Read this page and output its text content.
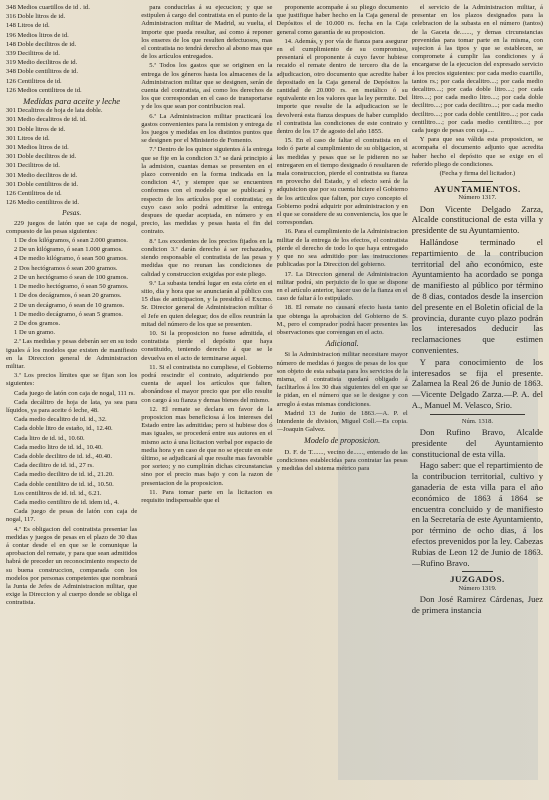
348 Medios cuartillos de id . id.

316 Doble litros de id.

148 Litros de id.

196 Medios litros de id.

148 Doble decilitros de id.

339 Decilitros de id.

319 Medio decilitros de id.

348 Doble centilitros de id.

126 Centilitros de id.

126 Medios centilitros de id.

Medidas para aceite y leche

301 Decalitros de hoja de lata doble.

301 Medio decalitros de id. id.

301 Doble litros de id.

301 Litros de id.

301 Medios litros de id.

301 Doble decilitros de id.

301 Decilitros de id.

301 Medio decilitros de id.

301 Doble centilitros de id.

126 Centilitros de id.

126 Medio centilitros de id.

Pesas.

229 juegos de latón que se caja de nogal, compuesto de las pesas siguientes:

1 De dos kilógramos, ó sean 2.000 gramos.

2 De un kilógramo, ó sean 1.000 gramos.

4 De medio kilógramo, ó sean 500 gramos.

2 Dos hectógramos ó sean 200 gramos.

2 De un hectógramo ó sean de 100 gramos.

1 De medio hectógramo, ó sean 50 gramos.

1 De dos decágramos, ó sean 20 gramos.

2 De un decágramo, ó sean de 10 gramos.

1 De medio decágramo, ó sean 5 gramos.

2 De dos gramos.

1 De un gramo.

2.ª Las medidas y pesas deberán ser en su todo iguales á los modelos que existen de manifiesto en la Direccion general de Administracion militar.

3.ª Los precios límites que se fijan son los siguientes:

Cada juego de latón con caja de nogal, 111 rs.

Cada decálitro de hoja de lata, ya sea para líquidos, ya para aceite ó leche, 48.

Cada medio decalitro de id. id., 32.

Cada doble litro de estaño, id., 12.40.

Cada litro de id. id., 10.60.

Cada medio litro de id. id., 10.40.

Cada doble decilitro de id. id., 40.40.

Cada decilitro de id. id., 27 rs.

Cada medio decilitro de id. id., 21.20.

Cada doble centilitro de id. id., 10.50.

Los centilitros de id. id. id., 6.21.

Cada medio centilitro de id. idem id., 4.

Cada juego de pesas de latón con caja de nogal, 117.

4.ª Es obligacion del contratista presentar las medidas y juegos de pesas en el plazo de 30 dias á contar desde el en que se le comunique la aprobacion del remate, y para que sean admitidos habrá de preceder un reconocimiento respecto de su buena construccion, comparada con los modelos por personas competentes que nombrará la Junta de Jefes de Administracion militar, que exige la Direccion y al cuerpo donde se obliga el contratista.

para conducirlas á su ejecucion; y que se estipulen á cargo del contratista en el punto de la Administracion militar de Madrid, su vuelta, el importe que pueda resultar, así como á reponer los enseres de los que resulten defectuosos, mas el contratista no tendrá derecho al abono mas que de los artículos entregados.

5.ª Todos los gastos que se originen en la entrega de los géneros hasta los almacenes de la Administracion militar que se designen, serán de cuenta del contratista, así como los derechos de los que correspondan en el caso de transportarse y de los que sean por contribucion real.

6.ª La Administracion militar practicará los gastos convenientes para la remision y entrega de los juegos y medidas en los distintos puntos que se designen por el Ministerio de Fomento.

7.ª Dentro de los quince siguientes á la entrega que se fije en la condicion 3.ª se dará principio á la admision, cuantas demas se presenten en el plazo convenido en la forma indicada en la condicion 4.ª, y siempre que se encuentren conformes con el modelo que se publicará y respecto de los artículos por el contratista; en cuyo caso solo podrá admitirse la entrega despues de quedar aceptada, en número y en precio, las medidas y pesas hasta el fin del contrato.

8.ª Los excedentes de los precios fijados en la condicion 3.ª darán derecho á ser rechazados, siendo responsable el contratista de las pesas y medidas que no reunan las condiciones de calidad y construccion exigidas por este pliego.

9.ª La subasta tendrá lugar en esta córte en el sitio, dia y hora que se anunciarán al público con 15 dias de anticipacion, y la presidirá el Excmo. Sr. Director general de Administracion militar ó el Jefe en quien delegue; dos de ellos reunirán la mitad del número de los que se presenten.

10. Si la proposicion no fuese admitida, el contratista pierde el depósito que haya constituido, teniendo derecho á que se le devuelva en el acto de terminarse aquel.

11. Si el contratista no cumpliese, el Gobierno podrá rescindir el contrato, adquiriendo por cuenta de aquel los artículos que falten, abonándose el mayor precio que por ello resulte con cargo á su fianza y demas bienes del mismo.

12. El remate se declara en favor de la proposicion mas beneficiosa á los intereses del Estado entre las admitidas; pero si hubiese dos ó mas iguales, se procederá entre sus autores en el mismo acto á una licitacion verbal por espacio de media hora y en caso de que no se ejecute en este último, se adjudicará al que resulte mas favorable por sorteo; y no cumplirán dichas circunstancias sino por el precio mas bajo y con la razon de presentacion de la proposicion.

11. Para tomar parte en la licitacion es requisito indispensable que el

proponente acompañe á su pliego documento que justifique haber hecho en la Caja general de Depósitos el de 10.000 rs. fecha en la Caja general como garantía de su proposicion.

14. Además, y por vía de fianza para asegurar en el cumplimiento de su compromiso, presentará el proponente á cuyo favor hubiese recaido el remate dentro de tercero dia de la adjudicacion, otro documento que acredite haber depositado en la Caja general de Depósitos la cantidad de 20.000 rs. en metálico ó su equivalente en los valores que la ley permite. Del importe que resulte de la adjudicacion se le devolverá esta fianza despues de haber cumplido el contratista las condiciones de este contrato y dentro de los 17 de agosto del año 1855.

15. En el caso de faltar el contratista en el todo ó parte al cumplimiento de su obligacion, si las medidas y pesas que se le pidieren no se entregaren en el tiempo designado ó resultaren de mala construccion, pierde el contratista su fianza en provecho del Estado, y el efecto será de la adquisicion que por su cuenta hiciere el Gobierno de los articulos que falten, por cuyo concepto el Gobierno podrá adquirir por administracion y en el que se considere de su conveniencia, los que le correspondan.

16. Para el cumplimiento de la Administracion militar de la entrega de los efectos, el contratista pierde el derecho de todo lo que haya entregado y que no sea admitido por las instrucciones publicadas por la Direccion del gobierno.

17. La Direccion general de Administracion militar podrá, sin perjuicio de lo que se dispone en el artículo anterior, hacer uso de la fianza en el caso de faltar á lo estipulado.

18. El remate no causará efecto hasta tanto que obtenga la aprobacion del Gobierno de S. M., pero el comprador podrá hacer presentes las observaciones que convengan en el acto.

Adicional.

Si la Administracion militar necesitare mayor número de medidas ó juegos de pesas de los que son objeto de esta subasta para los servicios de la misma, el contratista quedará obligado á facilitarlos á los 30 dias siguientes del en que se le pidan, en el número que se le designe y con arreglo á estas mismas condiciones.

Madrid 13 de Junio de 1863.—A. P. el Intendente de division, Miguel Coll.—Es copia.—Joaquin Galvez.

Modelo de proposicion.

D. F. de T......., vecino de......, enterado de las condiciones establecidas para contratar las pesas y medidas del sistema métrico para

el servicio de la Administracion militar, á presentar en los plazos designados para la celebracion de la subasta en el número (tantos) de la Gaceta de......., y demas circunstancias prevenidas para tomar parte en la misma, con sujecion á las tipos y que se establecen, se compromete á cumplir las condiciones y á encargarse de la ejecucion del expresado servicio á los precios siguientes: por cada medio cuartillo, tantos rs.; por cada decalitro....; por cada medio decalitro....; por cada doble litro....; por cada litro....; por cada medio litro....; por cada doble decilitro....; por cada decilitro....; por cada medio decilitro....; por cada doble centilitro....; por cada centilitro....; por cada medio centilitro....; por cada juego de pesas con caja....

Y para que sea válida esta proposicion, se acompaña el documento adjunto que acredita haber hecho el depósito que se exige en el referido pliego de condiciones.

(Fecha y firma del licitador.)

AYUNTAMIENTOS.

Número 1317.

Don Vicente Delgado Zarza, Alcalde constitucional de esta villa y presidente de su Ayuntamiento.

Hallándose terminado el repartimiento de la contribucion territorial del año económico, este Ayuntamiento ha acordado se ponga de manifiesto al público por término de 8 dias, contados desde la insercion del presente en el Boletin oficial de la provincia, durante cuyo plazo podrán los interesados deducir las reclamaciones que estimen convenientes.

Y para conocimiento de los interesados se fija el presente. Zalamea la Real 26 de Junio de 1863.—Vicente Delgado Zarza.—P. A. del A., Manuel M. Velasco, Srio.

Núm. 1318.

Don Rufino Bravo, Alcalde presidente del Ayuntamiento constitucional de esta villa.

Hago saber: que el repartimiento de la contribucion territorial, cultivo y ganaderia de esta villa para el año económico de 1863 á 1864 se encuentra concluido y de manifiesto en la Secretaría de este Ayuntamiento, por término de ocho dias, á los efectos prevenidos por la ley. Cabezas Rubias de Leon 12 de Junio de 1863.—Rufino Bravo.

JUZGADOS.

Número 1319.

Don José Ramirez Cárdenas, Juez de primera instancia
